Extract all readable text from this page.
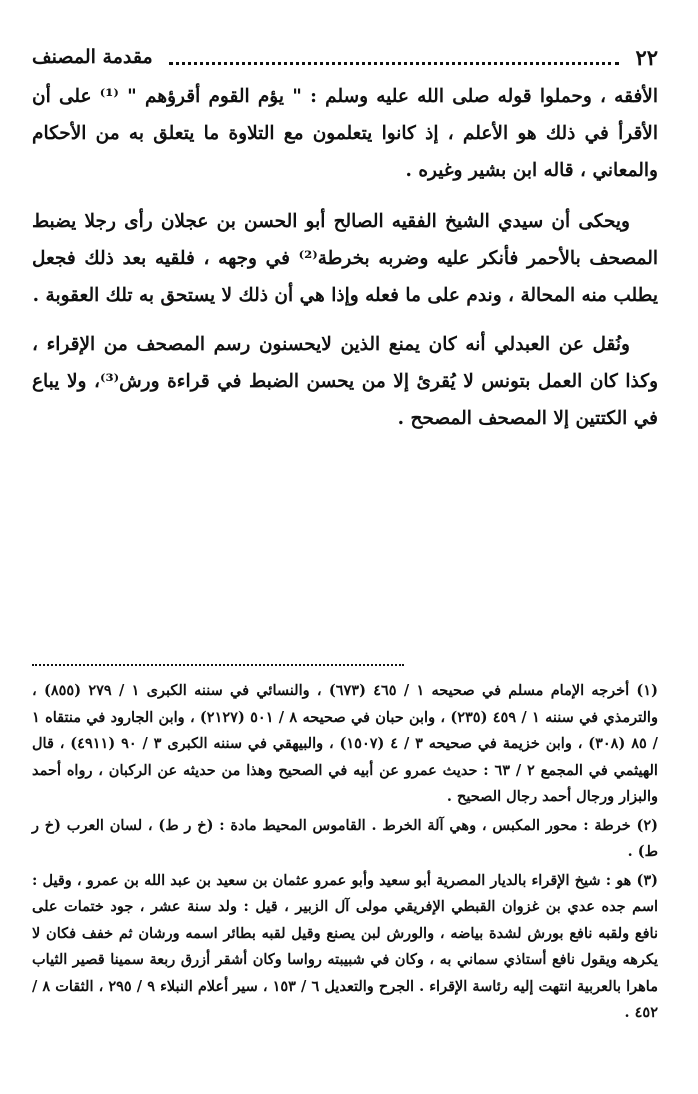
٢٢
مقدمة المصنف

الأفقه ، وحملوا قوله صلى الله عليه وسلم : " يؤم القوم أقرؤهم " ⁽¹⁾ على أن الأقرأ في ذلك هو الأعلم ، إذ كانوا يتعلمون مع التلاوة ما يتعلق به من الأحكام والمعاني ، قاله ابن بشير وغيره .

ويحكى أن سيدي الشيخ الفقيه الصالح أبو الحسن بن عجلان رأى رجلا يضبط المصحف بالأحمر فأنكر عليه وضربه بخرطة⁽²⁾ في وجهه ، فلقيه بعد ذلك فجعل يطلب منه المحالة ، وندم على ما فعله وإذا هي أن ذلك لا يستحق به تلك العقوبة .

ونُقل عن العبدلي أنه كان يمنع الذين لايحسنون رسم المصحف من الإقراء ، وكذا كان العمل بتونس لا يُقرئ إلا من يحسن الضبط في قراءة ورش⁽³⁾، ولا يباع في الكتتين إلا المصحف المصحح .

(١) أخرجه الإمام مسلم في صحيحه ١ / ٤٦٥ (٦٧٣) ، والنسائي في سننه الكبرى ١ / ٢٧٩ (٨٥٥) ، والترمذي في سننه ١ / ٤٥٩ (٢٣٥) ، وابن حبان في صحيحه ٨ / ٥٠١ (٢١٢٧) ، وابن الجارود في منتقاه ١ / ٨٥ (٣٠٨) ، وابن خزيمة في صحيحه ٣ / ٤ (١٥٠٧) ، والبيهقي في سننه الكبرى ٣ / ٩٠ (٤٩١١) ، قال الهيثمي في المجمع ٢ / ٦٣ : حديث عمرو عن أبيه في الصحيح وهذا من حديثه عن الركبان ، رواه أحمد والبزار ورجال أحمد رجال الصحيح .

(٢) خرطة : محور المكبس ، وهي آلة الخرط . القاموس المحيط مادة : (خ ر ط) ، لسان العرب (خ ر ط) .

(٣) هو : شيخ الإقراء بالديار المصرية أبو سعيد وأبو عمرو عثمان بن سعيد بن عبد الله بن عمرو ، وقيل : اسم جده عدي بن غزوان القبطي الإفريقي مولى آل الزبير ، قيل : ولد سنة عشر ، جود ختمات على نافع ولقبه نافع بورش لشدة بياضه ، والورش لبن يصنع وقيل لقبه بطائر اسمه ورشان ثم خفف فكان لا يكرهه ويقول نافع أستاذي سماني به ، وكان في شبيبته رواسا وكان أشقر أزرق ربعة سمينا قصير الثياب ماهرا بالعربية انتهت إليه رئاسة الإقراء . الجرح والتعديل ٦ / ١٥٣ ، سير أعلام النبلاء ٩ / ٢٩٥ ، الثقات ٨ / ٤٥٢ .
